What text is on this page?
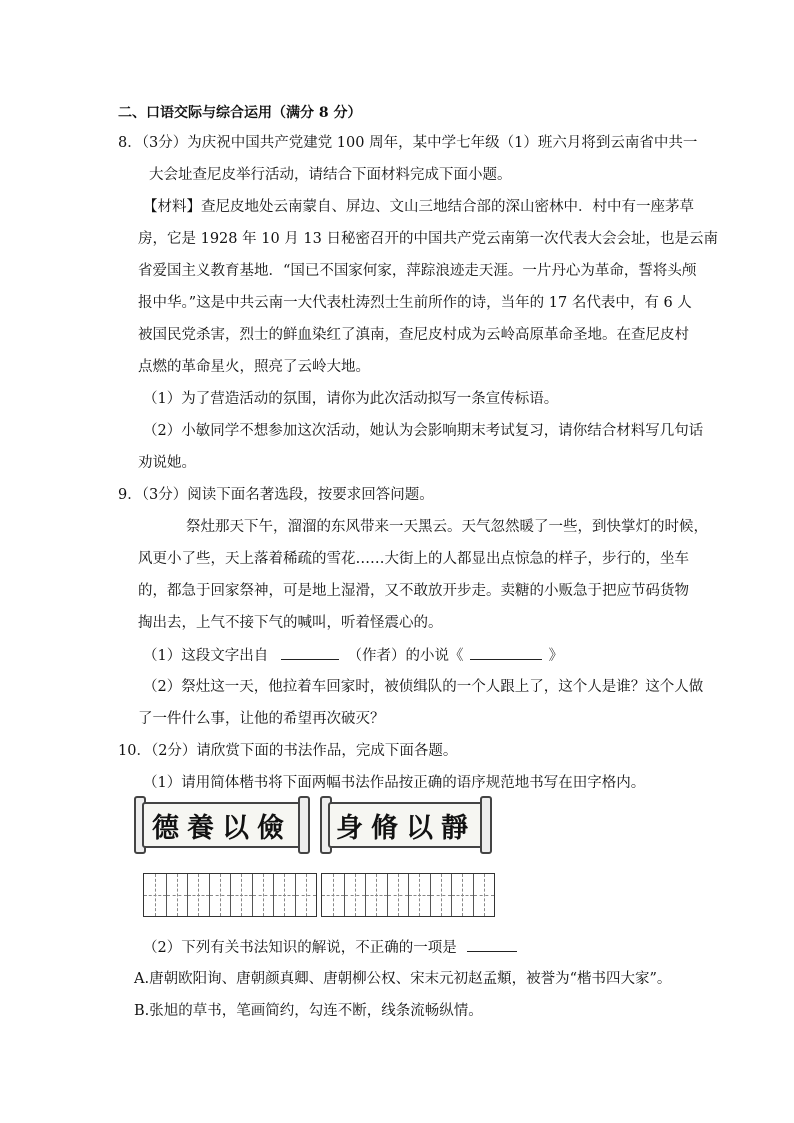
二、口语交际与综合运用（满分 8 分）
8．（3分）为庆祝中国共产党建党 100 周年，某中学七年级（1）班六月将到云南省中共一
大会址查尼皮举行活动，请结合下面材料完成下面小题。
【材料】查尼皮地处云南蒙自、屏边、文山三地结合部的深山密林中．村中有一座茅草
房，它是 1928 年 10 月 13 日秘密召开的中国共产党云南第一次代表大会会址，也是云南
省爱国主义教育基地．“国已不国家何家，萍踪浪迹走天涯。一片丹心为革命，誓将头颅
报中华。”这是中共云南一大代表杜涛烈士生前所作的诗，当年的 17 名代表中，有 6 人
被国民党杀害，烈士的鲜血染红了滇南，查尼皮村成为云岭高原革命圣地。在查尼皮村
点燃的革命星火，照亮了云岭大地。
（1）为了营造活动的氛围，请你为此次活动拟写一条宣传标语。
（2）小敏同学不想参加这次活动，她认为会影响期末考试复习，请你结合材料写几句话
劝说她。
9．（3分）阅读下面名著选段，按要求回答问题。
祭灶那天下午，溜溜的东风带来一天黑云。天气忽然暖了一些，到快掌灯的时候，
风更小了些，天上落着稀疏的雪花……大街上的人都显出点惊急的样子，步行的，坐车
的，都急于回家祭神，可是地上湿滑，又不敢放开步走。卖糖的小贩急于把应节码货物
掏出去，上气不接下气的喊叫，听着怪震心的。
（1）这段文字出自	（作者）的小说《	》
（2）祭灶这一天，他拉着车回家时，被侦缉队的一个人跟上了，这个人是谁？这个人做
了一件什么事，让他的希望再次破灭？
10．（2分）请欣赏下面的书法作品，完成下面各题。
（1）请用简体楷书将下面两幅书法作品按正确的语序规范地书写在田字格内。
德養以儉	身脩以靜
（2）下列有关书法知识的解说，不正确的一项是
A.唐朝欧阳询、唐朝颜真卿、唐朝柳公权、宋末元初赵孟頫，被誉为“楷书四大家”。
B.张旭的草书，笔画简约，勾连不断，线条流畅纵情。
